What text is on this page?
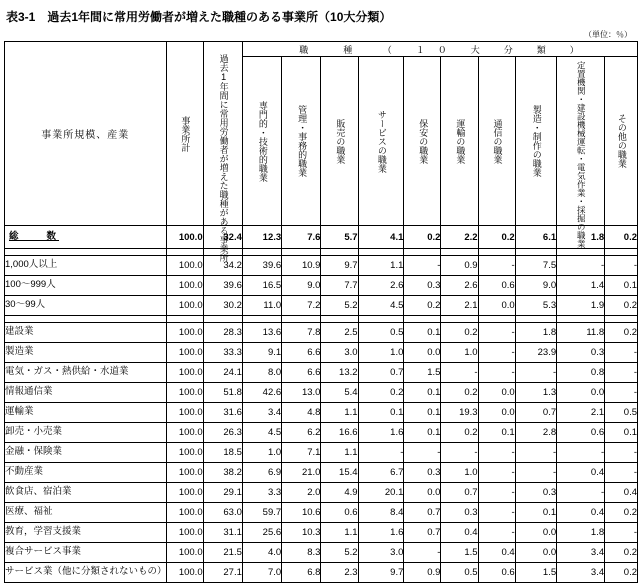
表3-1　過去1年間に常用労働者が増えた職種のある事業所（10大分類）
（単位：％）
事業所規模、産業	事業所計	過去1年間に常用労働者が増えた職種がある事業所	職　　　種　　　（　　１　０　　大　　分　　類　　）									

			専門的・技術的職業	管理・事務的職業	販売の職業	サービスの職業	保安の職業	運輸の職業	通信の職業	製造・制作の職業	定置機関・建設機械運転・電気作業・採掘の職業	その他の職業

総　　数	100.0	32.4	12.3	7.6	5.7	4.1	0.2	2.2	0.2	6.1	1.8	0.2

1,000人以上	100.0	34.2	39.6	10.9	9.7	1.1	-	0.9	-	7.5	-	-
100〜999人	100.0	39.6	16.5	9.0	7.7	2.6	0.3	2.6	0.6	9.0	1.4	0.1
30〜99人	100.0	30.2	11.0	7.2	5.2	4.5	0.2	2.1	0.0	5.3	1.9	0.2

建設業	100.0	28.3	13.6	7.8	2.5	0.5	0.1	0.2	-	1.8	11.8	0.2
製造業	100.0	33.3	9.1	6.6	3.0	1.0	0.0	1.0	-	23.9	0.3	-
電気・ガス・熱供給・水道業	100.0	24.1	8.0	6.6	13.2	0.7	1.5	-	-	-	0.8	-
情報通信業	100.0	51.8	42.6	13.0	5.4	0.2	0.1	0.2	0.0	1.3	0.0	-
運輸業	100.0	31.6	3.4	4.8	1.1	0.1	0.1	19.3	0.0	0.7	2.1	0.5
卸売・小売業	100.0	26.3	4.5	6.2	16.6	1.6	0.1	0.2	0.1	2.8	0.6	0.1
金融・保険業	100.0	18.5	1.0	7.1	1.1	-	-	-	-	-	-	-
不動産業	100.0	38.2	6.9	21.0	15.4	6.7	0.3	1.0	-	-	0.4	-
飲食店、宿泊業	100.0	29.1	3.3	2.0	4.9	20.1	0.0	0.7	-	0.3	-	0.4
医療、福祉	100.0	63.0	59.7	10.6	0.6	8.4	0.7	0.3	-	0.1	0.4	0.2
教育，学習支援業	100.0	31.1	25.6	10.3	1.1	1.6	0.7	0.4	-	0.0	1.8	-
複合サービス事業	100.0	21.5	4.0	8.3	5.2	3.0	-	1.5	0.4	0.0	3.4	0.2
サービス業（他に分類されないもの）	100.0	27.1	7.0	6.8	2.3	9.7	0.9	0.5	0.6	1.5	3.4	0.2
